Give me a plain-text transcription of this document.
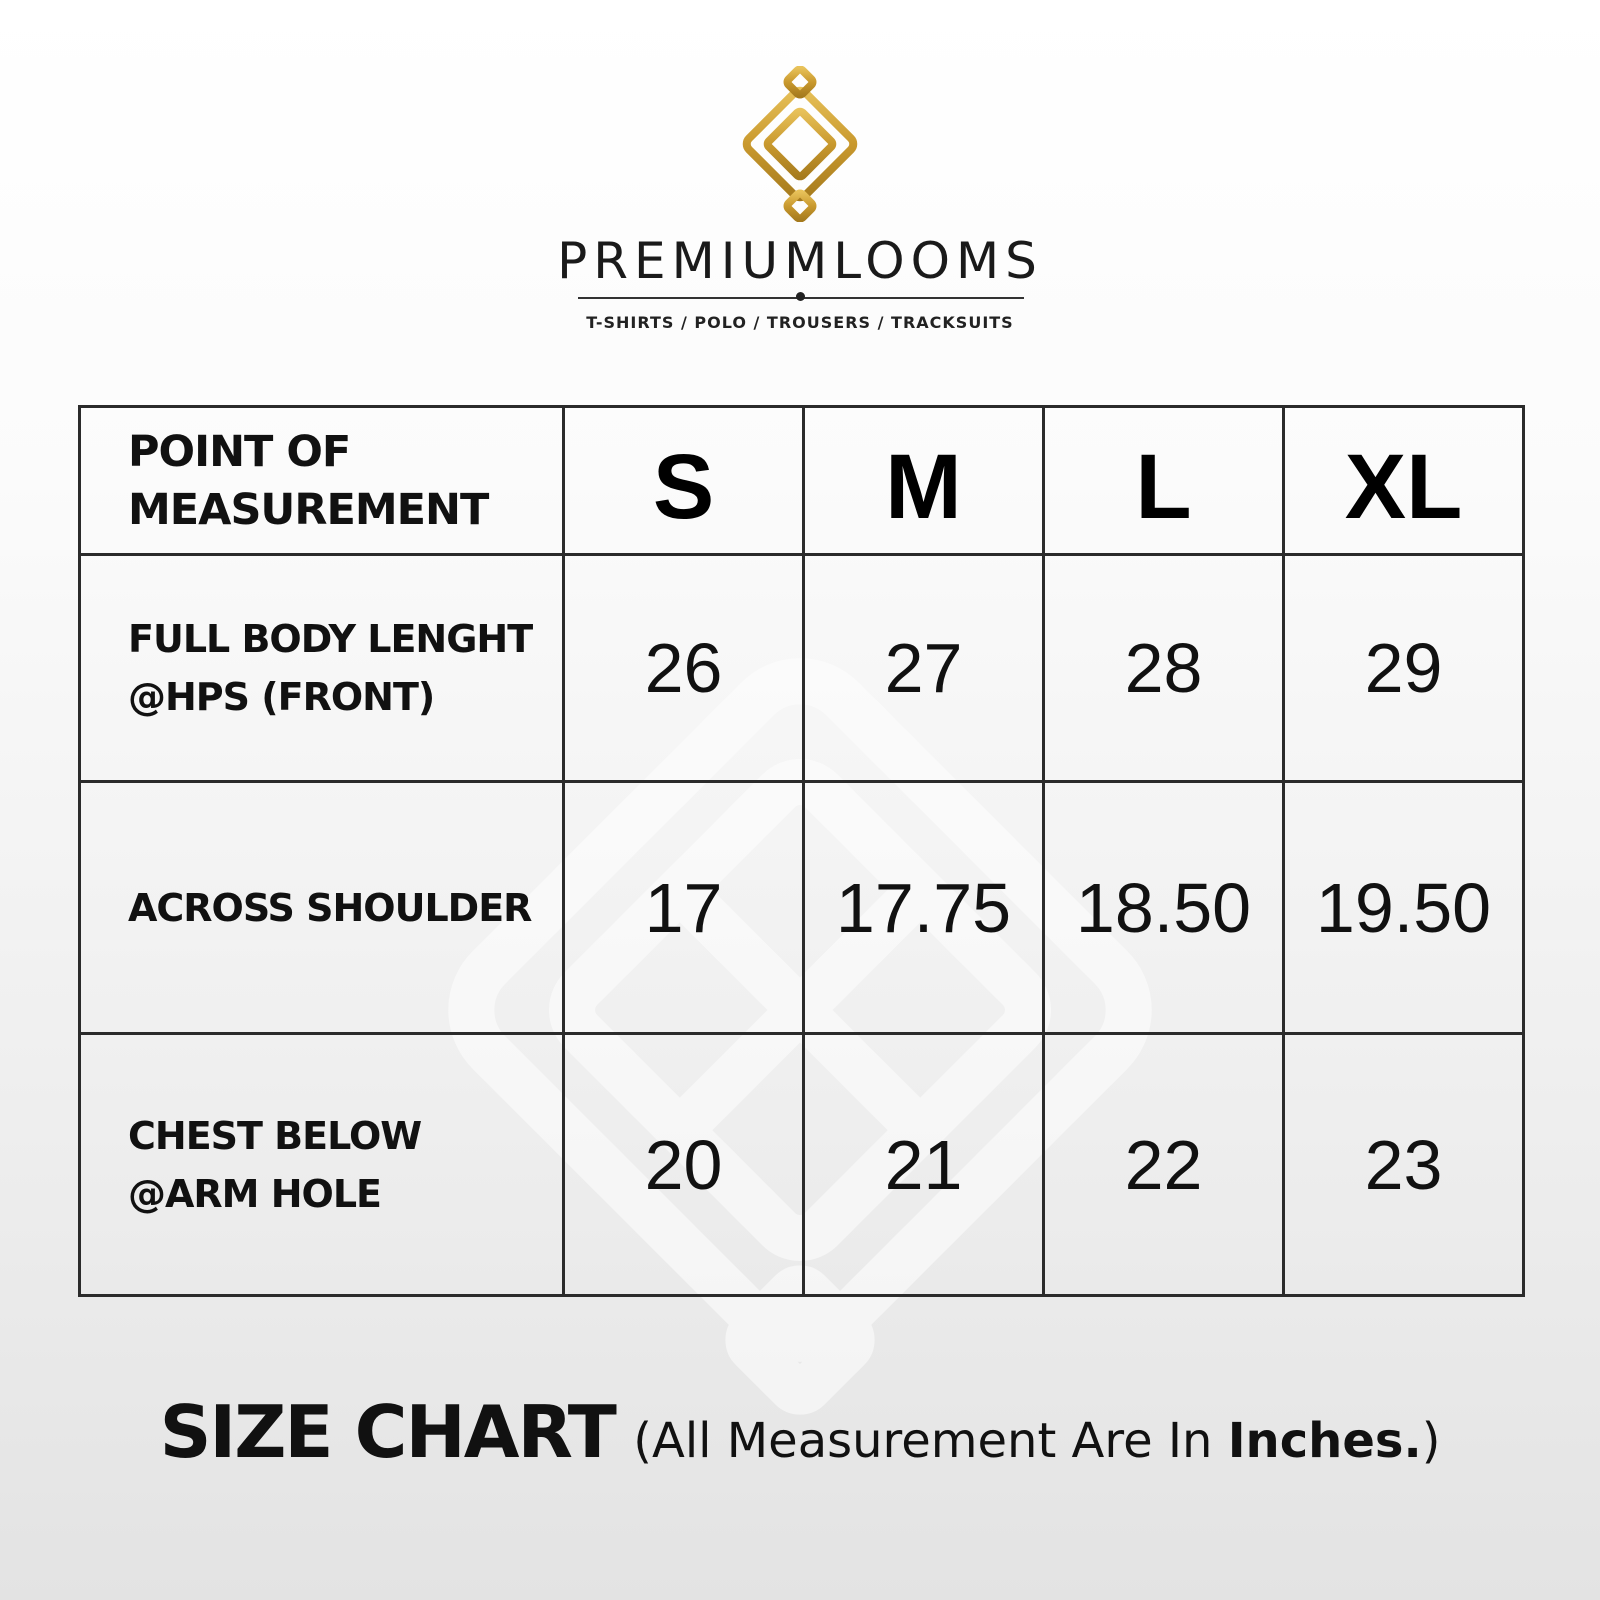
PREMIUMLOOMS
T-SHIRTS / POLO / TROUSERS / TRACKSUITS
POINT OF
MEASUREMENT	S	M	L	XL

FULL BODY LENGHT
@HPS (FRONT)	26	27	28	29

ACROSS SHOULDER	17	17.75	18.50	19.50

CHEST BELOW
@ARM HOLE	20	21	22	23
SIZE CHART (All Measurement Are In Inches.)
